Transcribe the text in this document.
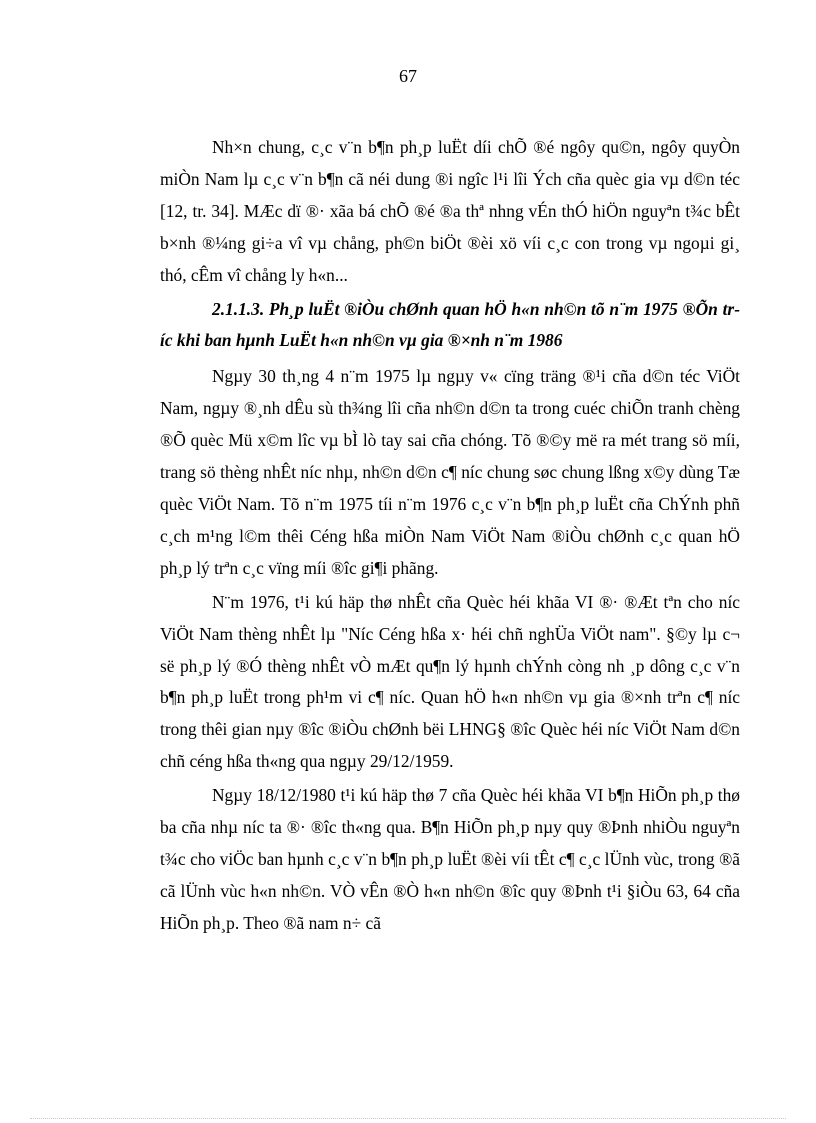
67

Nh×n chung, c¸c v¨n b¶n ph¸p luËt díi chÕ ®é ngôy qu©n, ngôy quyÒn miÒn Nam lµ c¸c v¨n b¶n cã néi dung ®i ngîc l¹i lîi Ých cña quèc gia vµ d©n téc [12, tr. 34]. MÆc dï ®· xãa bá chÕ ®é ®a thª nhng vÉn thÓ hiÖn nguyªn t¾c bÊt b×nh ®¼ng gi÷a vî vµ chång, ph©n biÖt ®èi xö víi c¸c con trong vµ ngoµi gi¸ thó, cÊm vî chång ly h«n...

2.1.1.3. Ph¸p luËt ®iÒu chØnh quan hÖ h«n nh©n tõ n¨m 1975 ®Õn tríc khi ban hµnh LuËt h«n nh©n vµ gia ®×nh n¨m 1986

Ngµy 30 th¸ng 4 n¨m 1975 lµ ngµy v« cïng träng ®¹i cña d©n téc ViÖt Nam, ngµy ®¸nh dÊu sù th¾ng lîi cña nh©n d©n ta trong cuéc chiÕn tranh chèng ®Õ quèc Mü x©m lîc vµ bÌ lò tay sai cña chóng. Tõ ®©y më ra mét trang sö míi, trang sö thèng nhÊt níc nhµ, nh©n d©n c¶ níc chung søc chung lßng x©y dùng Tæ quèc ViÖt Nam. Tõ n¨m 1975 tíi n¨m 1976 c¸c v¨n b¶n ph¸p luËt cña ChÝnh phñ c¸ch m¹ng l©m thêi Céng hßa miÒn Nam ViÖt Nam ®iÒu chØnh c¸c quan hÖ ph¸p lý trªn c¸c vïng míi ®îc gi¶i phãng.

N¨m 1976, t¹i kú häp thø nhÊt cña Quèc héi khãa VI ®· ®Æt tªn cho níc ViÖt Nam thèng nhÊt lµ "Níc Céng hßa x· héi chñ nghÜa ViÖt nam". §©y lµ c¬ së ph¸p lý ®Ó thèng nhÊt vÒ mÆt qu¶n lý hµnh chÝnh còng nh ¸p dông c¸c v¨n b¶n ph¸p luËt trong ph¹m vi c¶ níc. Quan hÖ h«n nh©n vµ gia ®×nh trªn c¶ níc trong thêi gian nµy ®îc ®iÒu chØnh bëi LHNG§ ®îc Quèc héi níc ViÖt Nam d©n chñ céng hßa th«ng qua ngµy 29/12/1959.

Ngµy 18/12/1980 t¹i kú häp thø 7 cña Quèc héi khãa VI b¶n HiÕn ph¸p thø ba cña nhµ níc ta ®· ®îc th«ng qua. B¶n HiÕn ph¸p nµy quy ®Þnh nhiÒu nguyªn t¾c cho viÖc ban hµnh c¸c v¨n b¶n ph¸p luËt ®èi víi tÊt c¶ c¸c lÜnh vùc, trong ®ã cã lÜnh vùc h«n nh©n. VÒ vÊn ®Ò h«n nh©n ®îc quy ®Þnh t¹i §iÒu 63, 64 cña HiÕn ph¸p. Theo ®ã nam n÷ cã
